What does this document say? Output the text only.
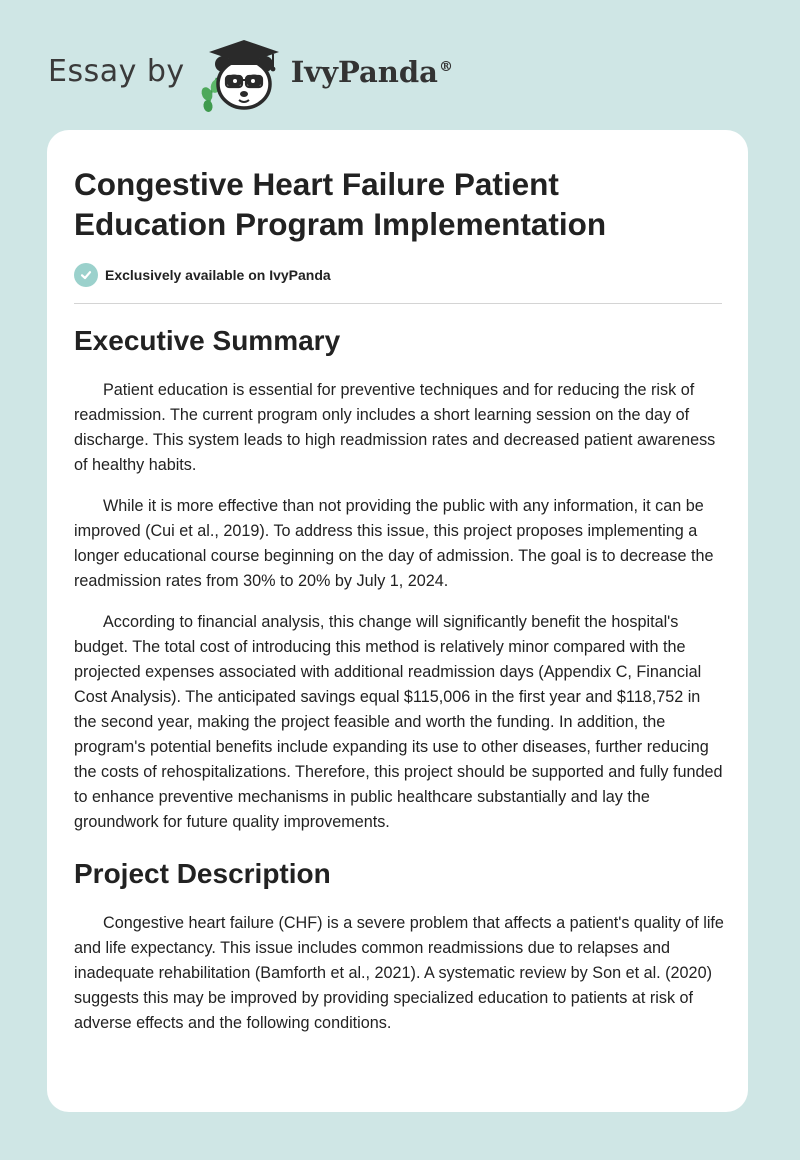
Essay by	IvyPanda®
Congestive Heart Failure Patient Education Program Implementation
Exclusively available on IvyPanda
Executive Summary

Patient education is essential for preventive techniques and for reducing the risk of readmission. The current program only includes a short learning session on the day of discharge. This system leads to high readmission rates and decreased patient awareness of healthy habits.

While it is more effective than not providing the public with any information, it can be improved (Cui et al., 2019). To address this issue, this project proposes implementing a longer educational course beginning on the day of admission. The goal is to decrease the readmission rates from 30% to 20% by July 1, 2024.

According to financial analysis, this change will significantly benefit the hospital's budget. The total cost of introducing this method is relatively minor compared with the projected expenses associated with additional readmission days (Appendix C, Financial Cost Analysis). The anticipated savings equal $115,006 in the first year and $118,752 in the second year, making the project feasible and worth the funding. In addition, the program's potential benefits include expanding its use to other diseases, further reducing the costs of rehospitalizations. Therefore, this project should be supported and fully funded to enhance preventive mechanisms in public healthcare substantially and lay the groundwork for future quality improvements.

Project Description

Congestive heart failure (CHF) is a severe problem that affects a patient's quality of life and life expectancy. This issue includes common readmissions due to relapses and inadequate rehabilitation (Bamforth et al., 2021). A systematic review by Son et al. (2020) suggests this may be improved by providing specialized education to patients at risk of adverse effects and the following conditions.
